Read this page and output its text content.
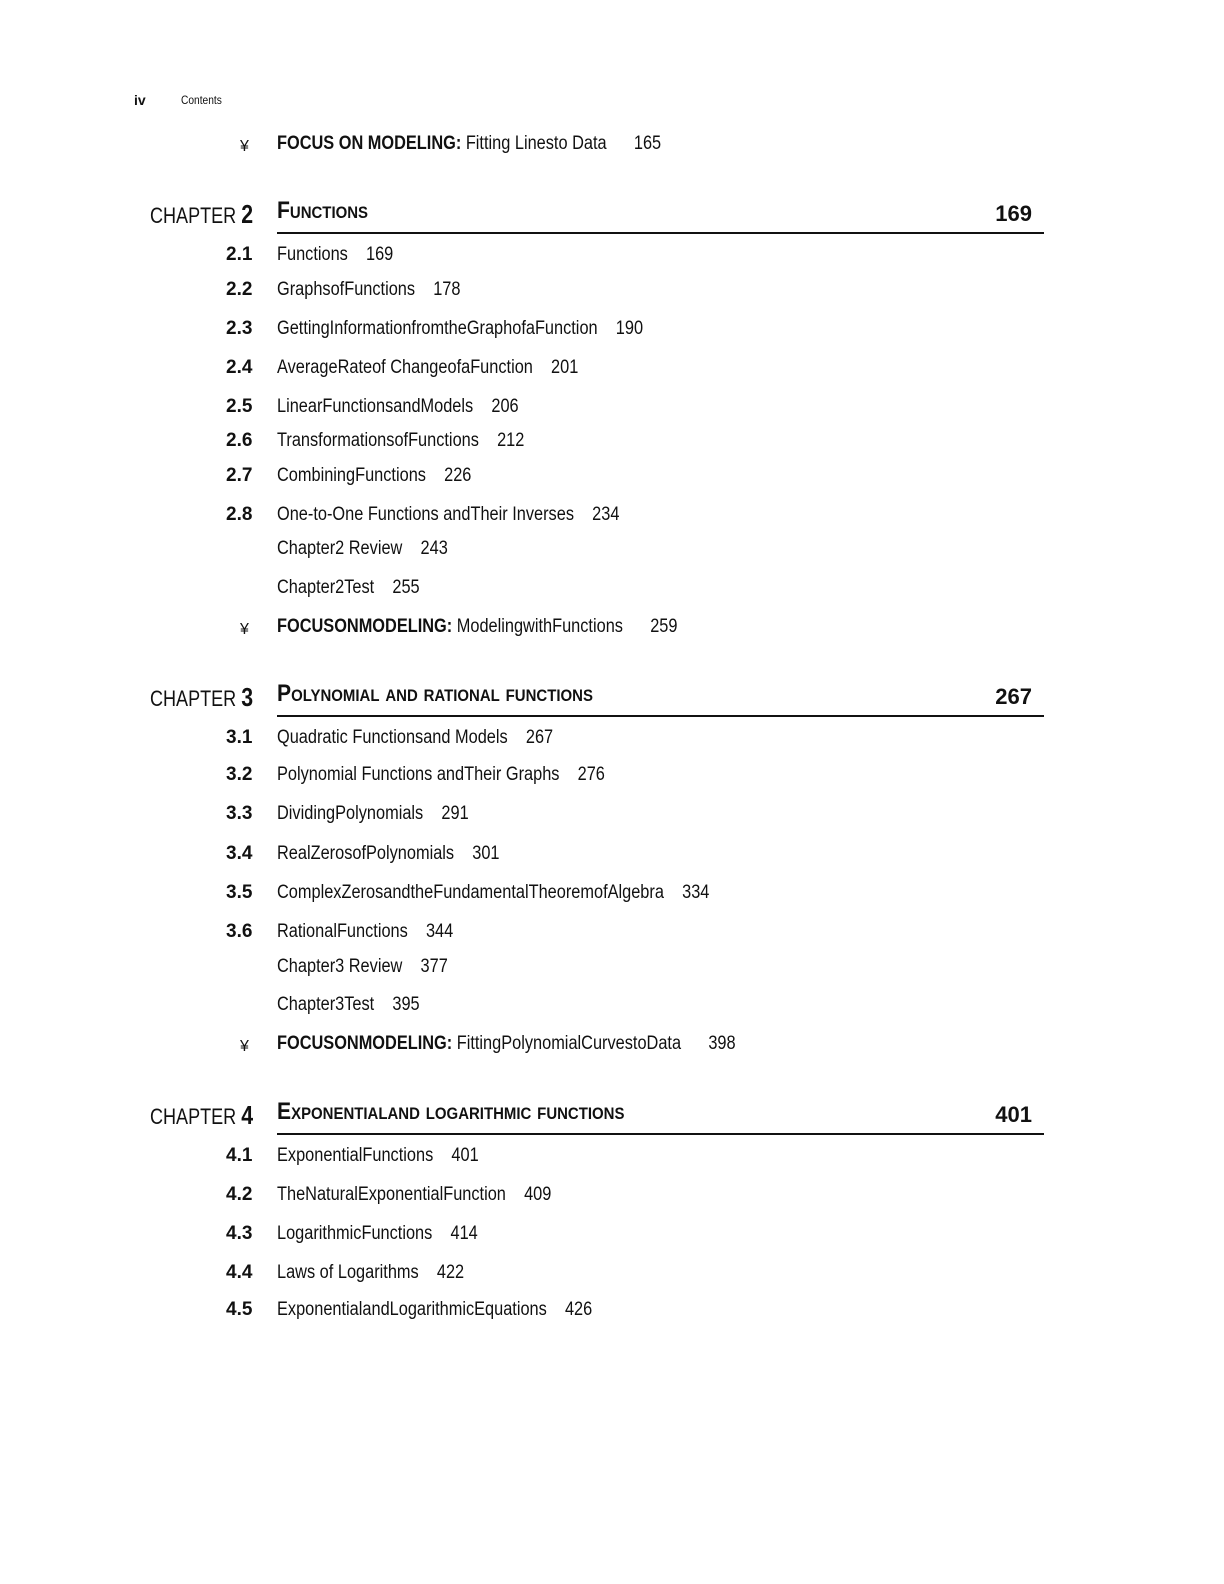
iv	Contents
¥ FOCUS ON MODELING: Fitting Linesto Data 165
CHAPTER 2 Functions	169
2.1	Functions 169
2.2	GraphsofFunctions 178
2.3	GettingInformationfromtheGraphofaFunction 190
2.4	AverageRateof ChangeofaFunction 201
2.5	LinearFunctionsandModels 206
2.6	TransformationsofFunctions 212
2.7	CombiningFunctions 226
2.8	One-to-One Functions andTheir Inverses 234
Chapter2 Review 243
Chapter2Test 255
¥ FOCUSONMODELING: ModelingwithFunctions 259
CHAPTER 3 Polynomial and rational functions	267
3.1	Quadratic Functionsand Models 267
3.2	Polynomial Functions andTheir Graphs 276
3.3	DividingPolynomials 291
3.4	RealZerosofPolynomials 301
3.5	ComplexZerosandtheFundamentalTheoremofAlgebra 334
3.6	RationalFunctions 344
Chapter3 Review 377
Chapter3Test 395
¥ FOCUSONMODELING: FittingPolynomialCurvestoData 398
CHAPTER 4 Exponentialand logarithmic functions	401
4.1	ExponentialFunctions 401
4.2	TheNaturalExponentialFunction 409
4.3	LogarithmicFunctions 414
4.4	Laws of Logarithms 422
4.5	ExponentialandLogarithmicEquations 426
